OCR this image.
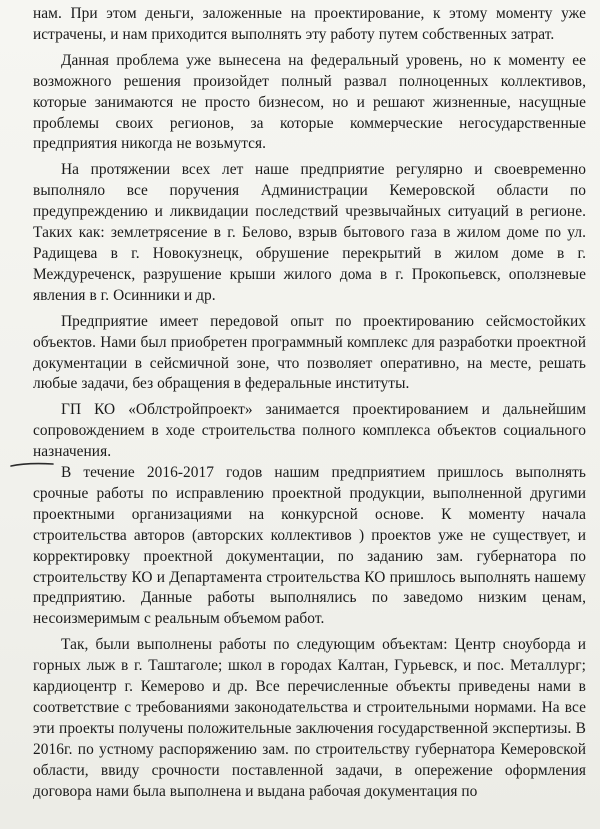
нам. При этом деньги, заложенные на проектирование, к этому моменту уже истрачены, и нам приходится выполнять эту работу путем собственных затрат.

Данная проблема уже вынесена на федеральный уровень, но к моменту ее возможного решения произойдет полный развал полноценных коллективов, которые занимаются не просто бизнесом, но и решают жизненные, насущные проблемы своих регионов, за которые коммерческие негосударственные предприятия никогда не возьмутся.

На протяжении всех лет наше предприятие регулярно и своевременно выполняло все поручения Администрации Кемеровской области по предупреждению и ликвидации последствий чрезвычайных ситуаций в регионе. Таких как: землетрясение в г. Белово, взрыв бытового газа в жилом доме по ул. Радищева в г. Новокузнецк, обрушение перекрытий в жилом доме в г. Междуреченск, разрушение крыши жилого дома в г. Прокопьевск, оползневые явления в г. Осинники и др.

Предприятие имеет передовой опыт по проектированию сейсмостойких объектов. Нами был приобретен программный комплекс для разработки проектной документации в сейсмичной зоне, что позволяет оперативно, на месте, решать любые задачи, без обращения в федеральные институты.

ГП КО «Облстройпроект» занимается проектированием и дальнейшим сопровождением в ходе строительства полного комплекса объектов социального назначения.

В течение 2016-2017 годов нашим предприятием пришлось выполнять срочные работы по исправлению проектной продукции, выполненной другими проектными организациями на конкурсной основе. К моменту начала строительства авторов (авторских коллективов ) проектов уже не существует, и корректировку проектной документации, по заданию зам. губернатора по строительству КО и Департамента строительства КО пришлось выполнять нашему предприятию. Данные работы выполнялись по заведомо низким ценам, несоизмеримым с реальным объемом работ.

Так, были выполнены работы по следующим объектам: Центр сноуборда и горных лыж в г. Таштаголе; школ в городах Калтан, Гурьевск, и пос. Металлург; кардиоцентр г. Кемерово и др. Все перечисленные объекты приведены нами в соответствие с требованиями законодательства и строительными нормами. На все эти проекты получены положительные заключения государственной экспертизы. В 2016г. по устному распоряжению зам. по строительству губернатора Кемеровской области, ввиду срочности поставленной задачи, в опережение оформления договора нами была выполнена и выдана рабочая документация по
